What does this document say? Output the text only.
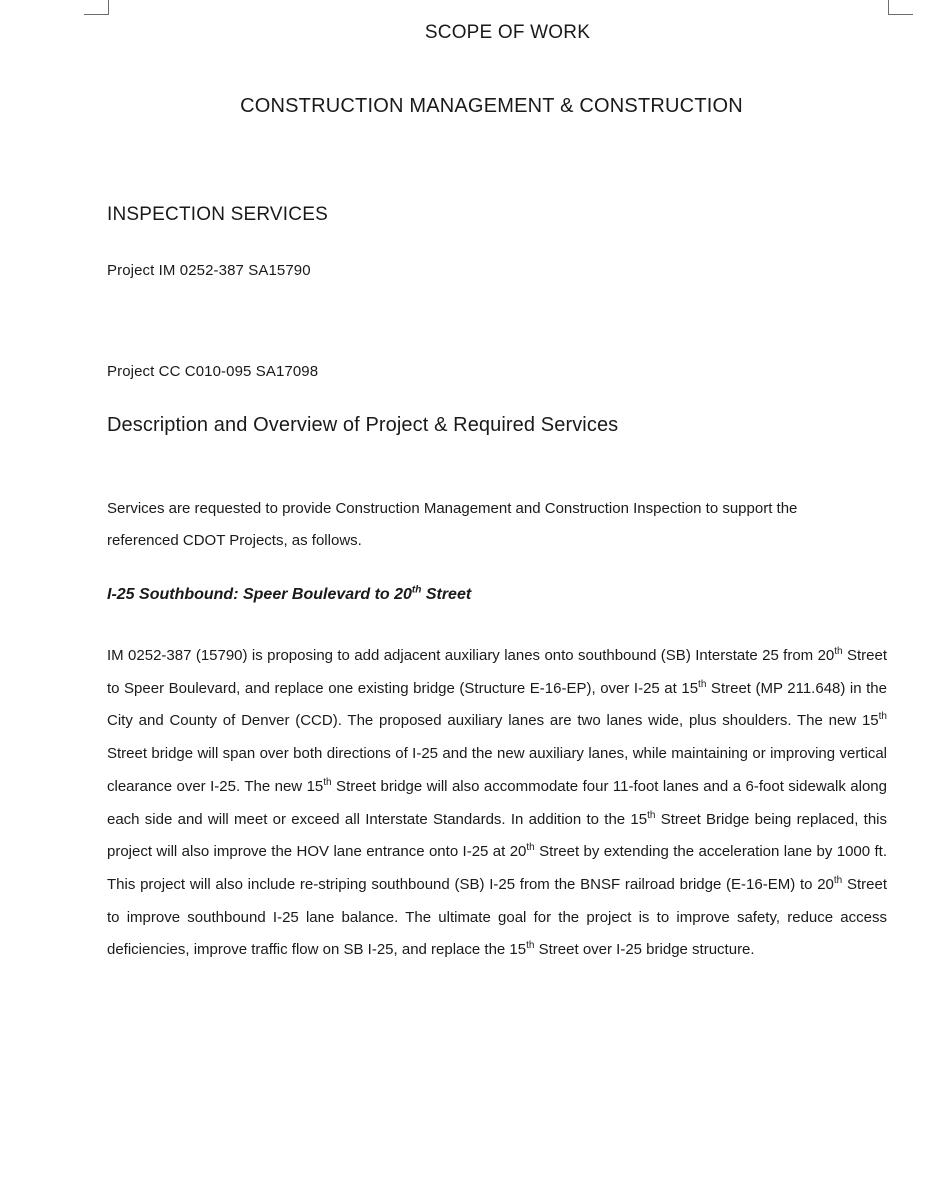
SCOPE OF WORK
CONSTRUCTION MANAGEMENT & CONSTRUCTION
INSPECTION SERVICES

Project IM 0252-387 SA15790

Project CC C010-095 SA17098

Description and Overview of Project & Required Services

Services are requested to provide Construction Management and Construction Inspection to support the referenced CDOT Projects, as follows.

I-25 Southbound: Speer Boulevard to 20th Street

IM 0252-387 (15790) is proposing to add adjacent auxiliary lanes onto southbound (SB) Interstate 25 from 20th Street to Speer Boulevard, and replace one existing bridge (Structure E-16-EP), over I-25 at 15th Street (MP 211.648) in the City and County of Denver (CCD). The proposed auxiliary lanes are two lanes wide, plus shoulders. The new 15th Street bridge will span over both directions of I-25 and the new auxiliary lanes, while maintaining or improving vertical clearance over I-25. The new 15th Street bridge will also accommodate four 11-foot lanes and a 6-foot sidewalk along each side and will meet or exceed all Interstate Standards. In addition to the 15th Street Bridge being replaced, this project will also improve the HOV lane entrance onto I-25 at 20th Street by extending the acceleration lane by 1000 ft. This project will also include re-striping southbound (SB) I-25 from the BNSF railroad bridge (E-16-EM) to 20th Street to improve southbound I-25 lane balance. The ultimate goal for the project is to improve safety, reduce access deficiencies, improve traffic flow on SB I-25, and replace the 15th Street over I-25 bridge structure.
